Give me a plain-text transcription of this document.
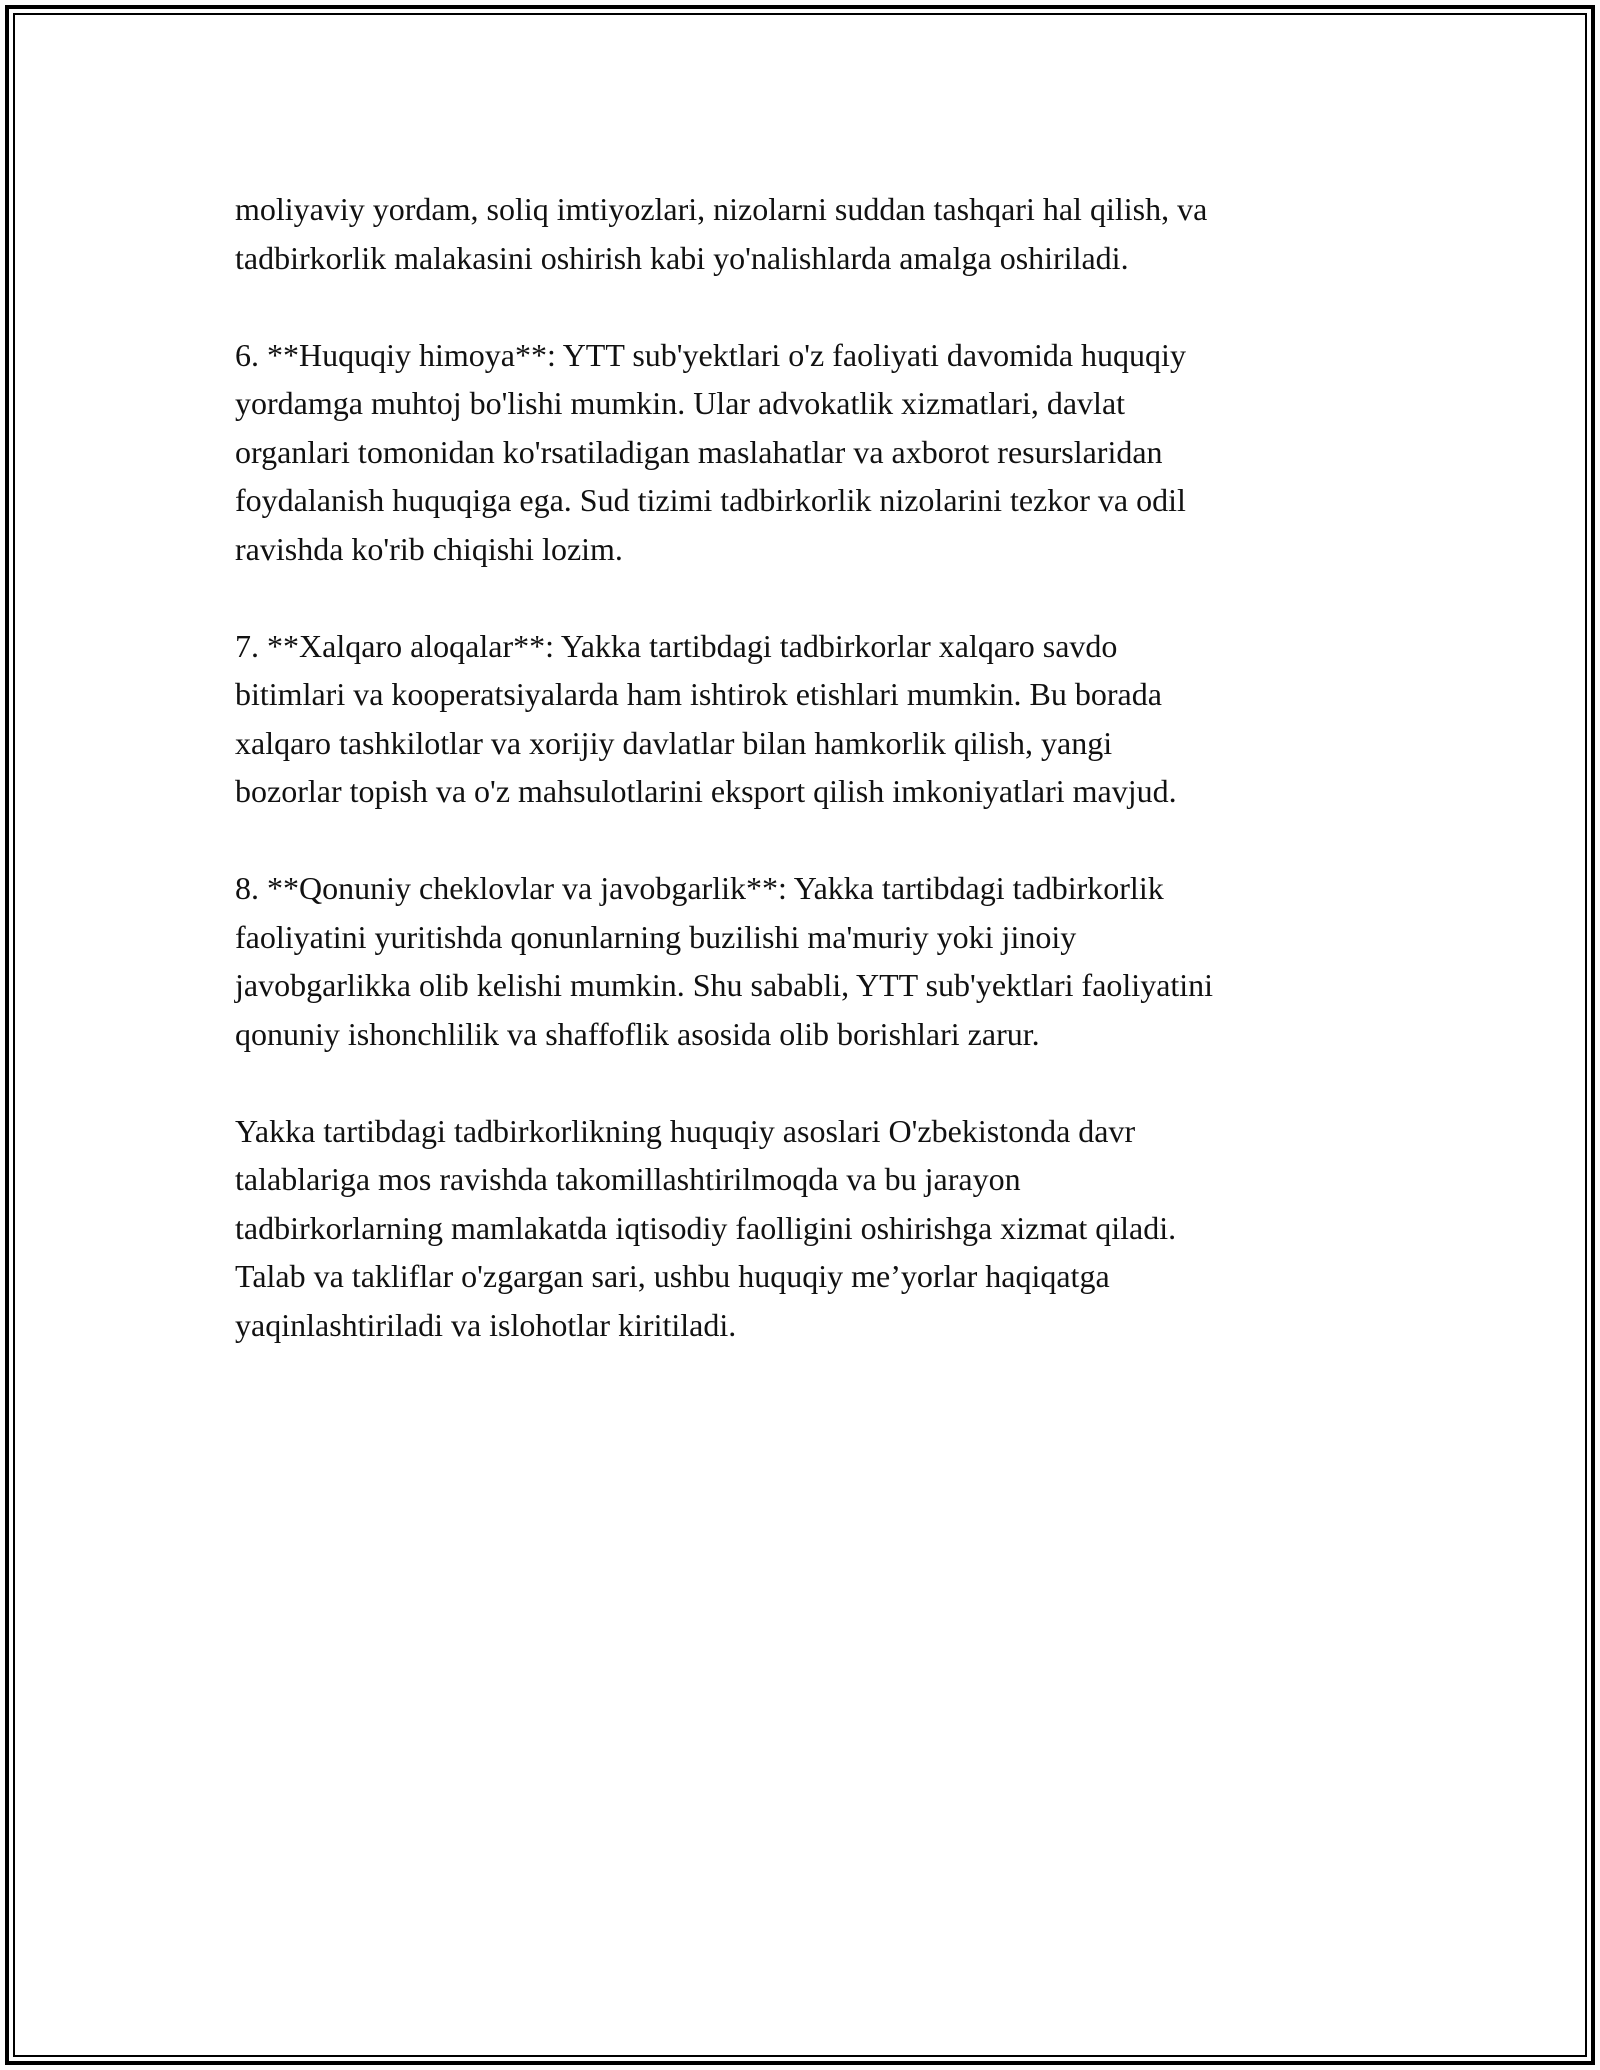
moliyaviy yordam, soliq imtiyozlari, nizolarni suddan tashqari hal qilish, va
tadbirkorlik malakasini oshirish kabi yo'nalishlarda amalga oshiriladi.

6. **Huquqiy himoya**: YTT sub'yektlari o'z faoliyati davomida huquqiy
yordamga muhtoj bo'lishi mumkin. Ular advokatlik xizmatlari, davlat
organlari tomonidan ko'rsatiladigan maslahatlar va axborot resurslaridan
foydalanish huquqiga ega. Sud tizimi tadbirkorlik nizolarini tezkor va odil
ravishda ko'rib chiqishi lozim.

7. **Xalqaro aloqalar**: Yakka tartibdagi tadbirkorlar xalqaro savdo
bitimlari va kooperatsiyalarda ham ishtirok etishlari mumkin. Bu borada
xalqaro tashkilotlar va xorijiy davlatlar bilan hamkorlik qilish, yangi
bozorlar topish va o'z mahsulotlarini eksport qilish imkoniyatlari mavjud.

8. **Qonuniy cheklovlar va javobgarlik**: Yakka tartibdagi tadbirkorlik
faoliyatini yuritishda qonunlarning buzilishi ma'muriy yoki jinoiy
javobgarlikka olib kelishi mumkin. Shu sababli, YTT sub'yektlari faoliyatini
qonuniy ishonchlilik va shaffoflik asosida olib borishlari zarur.

Yakka tartibdagi tadbirkorlikning huquqiy asoslari O'zbekistonda davr
talablariga mos ravishda takomillashtirilmoqda va bu jarayon
tadbirkorlarning mamlakatda iqtisodiy faolligini oshirishga xizmat qiladi.
Talab va takliflar o'zgargan sari, ushbu huquqiy me’yorlar haqiqatga
yaqinlashtiriladi va islohotlar kiritiladi.
